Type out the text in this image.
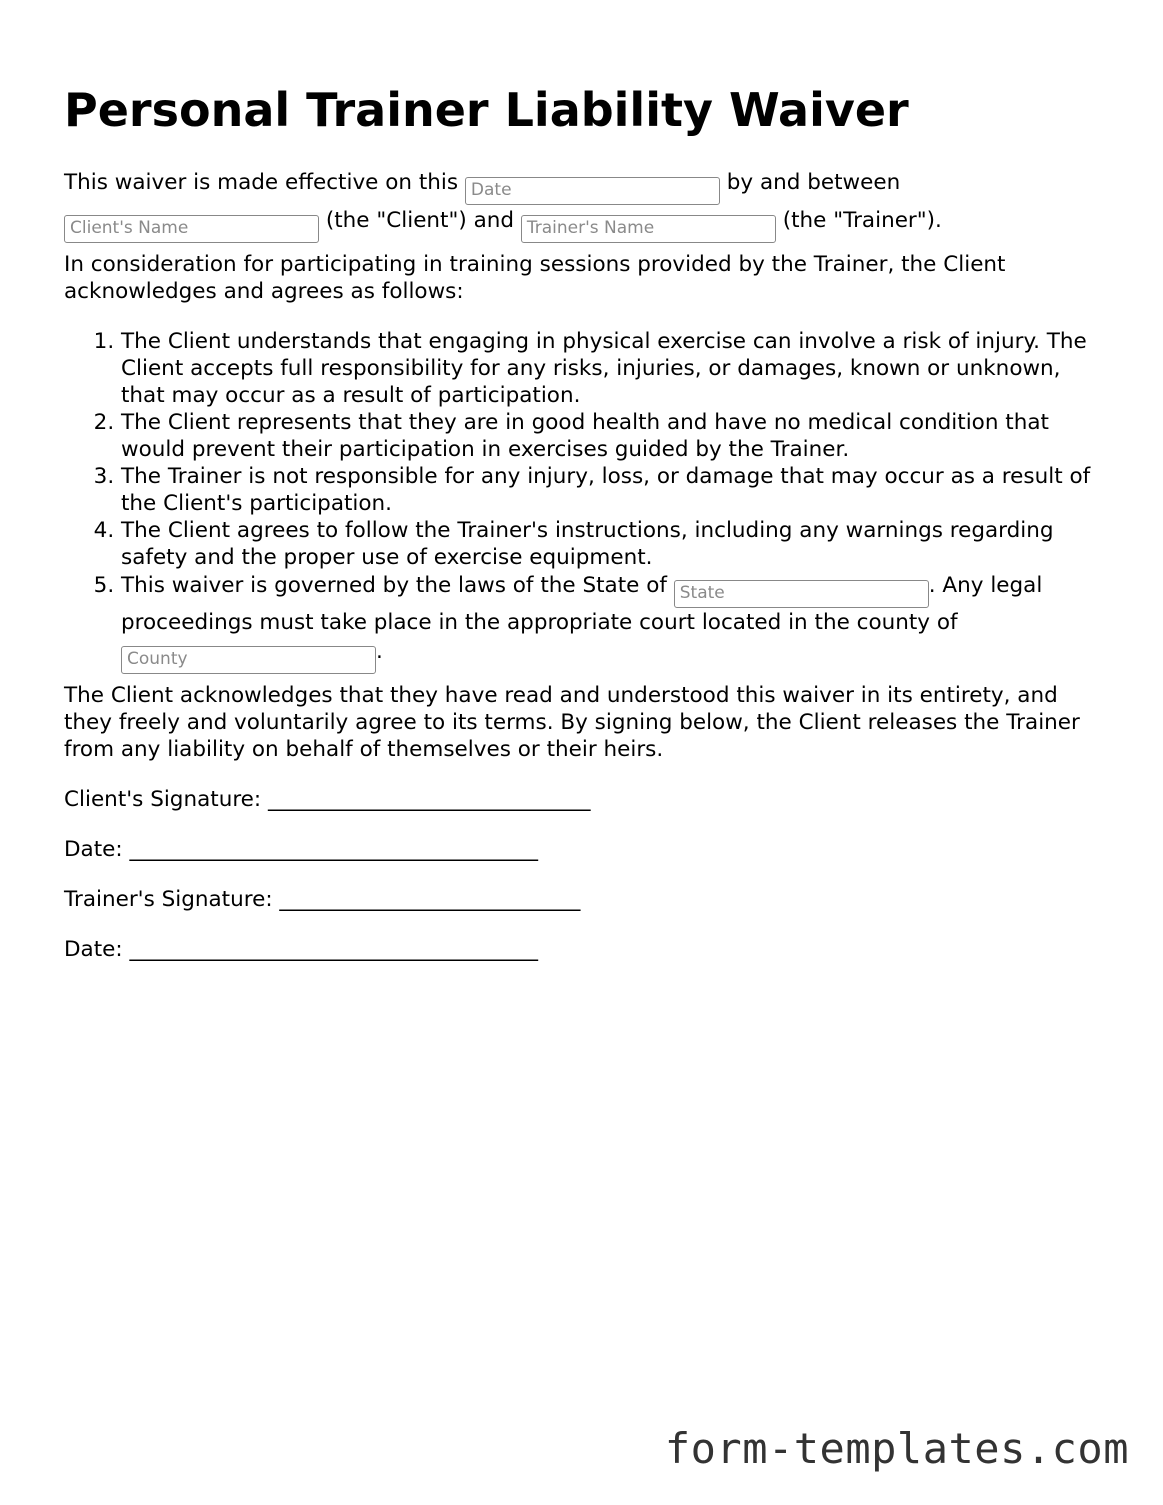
Personal Trainer Liability Waiver
This waiver is made effective on this Date	by and between
Client's Name	(the "Client") and Trainer's Name	(the "Trainer").
In consideration for participating in training sessions provided by the Trainer, the Client acknowledges and agrees as follows:
1. The Client understands that engaging in physical exercise can involve a risk of injury. The Client accepts full responsibility for any risks, injuries, or damages, known or unknown, that may occur as a result of participation.
2. The Client represents that they are in good health and have no medical condition that would prevent their participation in exercises guided by the Trainer.
3. The Trainer is not responsible for any injury, loss, or damage that may occur as a result of the Client's participation.
4. The Client agrees to follow the Trainer's instructions, including any warnings regarding safety and the proper use of exercise equipment.
5. This waiver is governed by the laws of the State of State	. Any legal proceedings must take place in the appropriate court located in the county of County	.
The Client acknowledges that they have read and understood this waiver in its entirety, and they freely and voluntarily agree to its terms. By signing below, the Client releases the Trainer from any liability on behalf of themselves or their heirs.
Client's Signature: ______________________________
Date: ______________________________________
Trainer's Signature: ____________________________
Date: ______________________________________
form-templates.com
